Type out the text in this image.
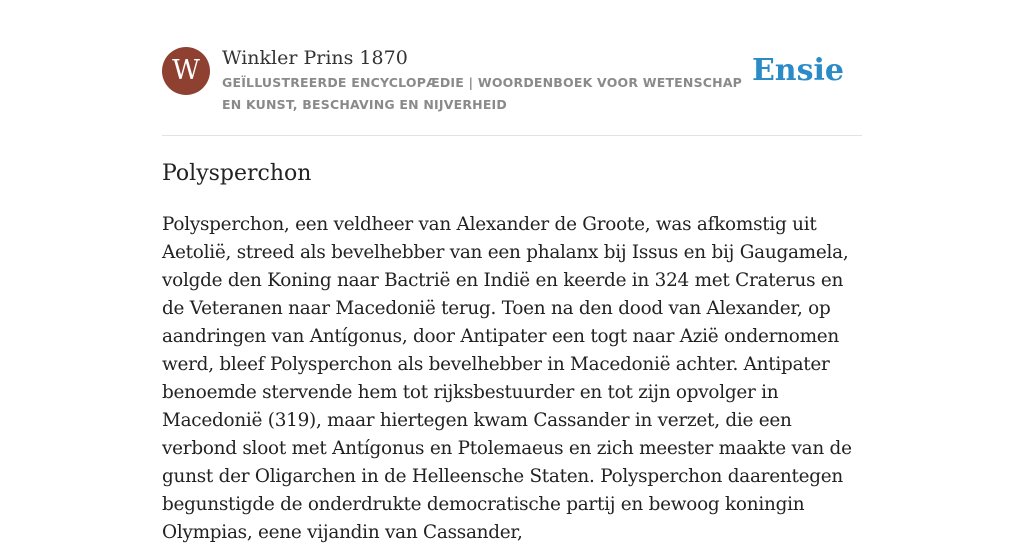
W	Winkler Prins 1870
GEÏLLUSTREERDE ENCYCLOPÆDIE | WOORDENBOEK VOOR WETENSCHAP EN KUNST, BESCHAVING EN NIJVERHEID
Ensie
Polysperchon

Polysperchon, een veldheer van Alexander de Groote, was afkomstig uit Aetolië, streed als bevelhebber van een phalanx bij Issus en bij Gaugamela, volgde den Koning naar Bactrië en Indië en keerde in 324 met Craterus en de Veteranen naar Macedonië terug. Toen na den dood van Alexander, op aandringen van Antígonus, door Antipater een togt naar Azië ondernomen werd, bleef Polysperchon als bevelhebber in Macedonië achter. Antipater benoemde stervende hem tot rijksbestuurder en tot zijn opvolger in Macedonië (319), maar hiertegen kwam Cassander in verzet, die een verbond sloot met Antígonus en Ptolemaeus en zich meester maakte van de gunst der Oligarchen in de Helleensche Staten. Polysperchon daarentegen begunstigde de onderdrukte democratische partij en bewoog koningin Olympias, eene vijandin van Cassander,
